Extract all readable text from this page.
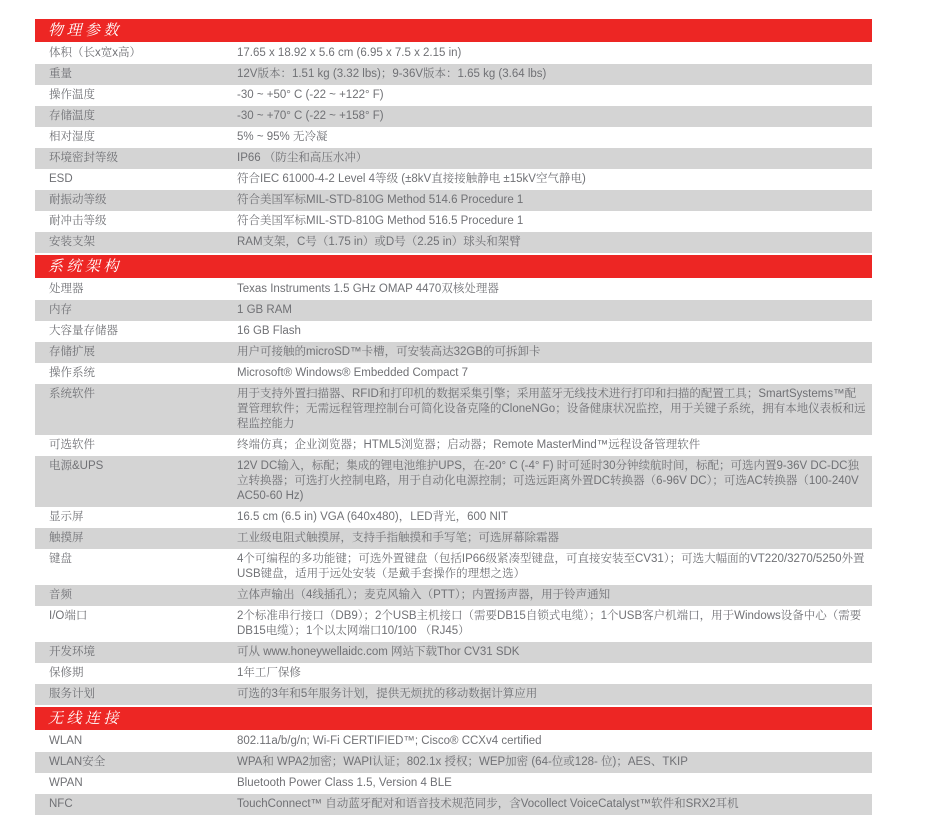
物理参数
体积（长x宽x高）	17.65 x 18.92 x 5.6 cm (6.95 x 7.5 x 2.15 in)
重量	12V版本：1.51 kg (3.32 lbs)；9-36V版本：1.65 kg (3.64 lbs)
操作温度	-30 ~ +50° C (-22 ~ +122° F)
存储温度	-30 ~ +70° C (-22 ~ +158° F)
相对湿度	5% ~ 95% 无冷凝
环境密封等级	IP66 （防尘和高压水冲）
ESD	符合IEC 61000-4-2 Level 4等级 (±8kV直接接触静电 ±15kV空气静电)
耐振动等级	符合美国军标MIL-STD-810G Method 514.6 Procedure 1
耐冲击等级	符合美国军标MIL-STD-810G Method 516.5 Procedure 1
安装支架	RAM支架，C号（1.75 in）或D号（2.25 in）球头和架臂
系统架构
处理器	Texas Instruments 1.5 GHz OMAP 4470双核处理器
内存	1 GB RAM
大容量存储器	16 GB Flash
存储扩展	用户可接触的microSD™卡槽，可安装高达32GB的可拆卸卡
操作系统	Microsoft® Windows® Embedded Compact 7
系统软件	用于支持外置扫描器、RFID和打印机的数据采集引擎；采用蓝牙无线技术进行打印和扫描的配置工具；SmartSystems™配置管理软件；无需远程管理控制台可简化设备克隆的CloneNGo；设备健康状况监控，用于关键子系统，拥有本地仪表板和远程监控能力
可选软件	终端仿真；企业浏览器；HTML5浏览器；启动器；Remote MasterMind™远程设备管理软件
电源&UPS	12V DC输入，标配；集成的锂电池维护UPS，在-20° C (-4° F) 时可延时30分钟续航时间，标配；可选内置9-36V DC-DC独立转换器；可选打火控制电路，用于自动化电源控制；可选远距离外置DC转换器（6-96V DC）；可选AC转换器（100-240V AC50-60 Hz)
显示屏	16.5 cm (6.5 in) VGA (640x480)，LED背光，600 NIT
触摸屏	工业级电阻式触摸屏，支持手指触摸和手写笔；可选屏幕除霜器
键盘	4个可编程的多功能键；可选外置键盘（包括IP66级紧凑型键盘，可直接安装至CV31）；可选大幅面的VT220/3270/5250外置USB键盘，适用于远处安装（是戴手套操作的理想之选）
音频	立体声输出（4线插孔）；麦克风输入（PTT）；内置扬声器，用于铃声通知
I/O端口	2个标准串行接口（DB9）；2个USB主机接口（需要DB15自锁式电缆）；1个USB客户机端口，用于Windows设备中心（需要DB15电缆）；1个以太网端口10/100 （RJ45）
开发环境	可从 www.honeywellaidc.com 网站下载Thor CV31 SDK
保修期	1年工厂保修
服务计划	可选的3年和5年服务计划，提供无烦扰的移动数据计算应用
无线连接
WLAN	802.11a/b/g/n; Wi-Fi CERTIFIED™; Cisco® CCXv4 certified
WLAN安全	WPA和 WPA2加密；WAPI认证；802.1x 授权；WEP加密 (64-位或128- 位)；AES、TKIP
WPAN	Bluetooth Power Class 1.5, Version 4 BLE
NFC	TouchConnect™ 自动蓝牙配对和语音技术规范同步，含Vocollect VoiceCatalyst™软件和SRX2耳机
